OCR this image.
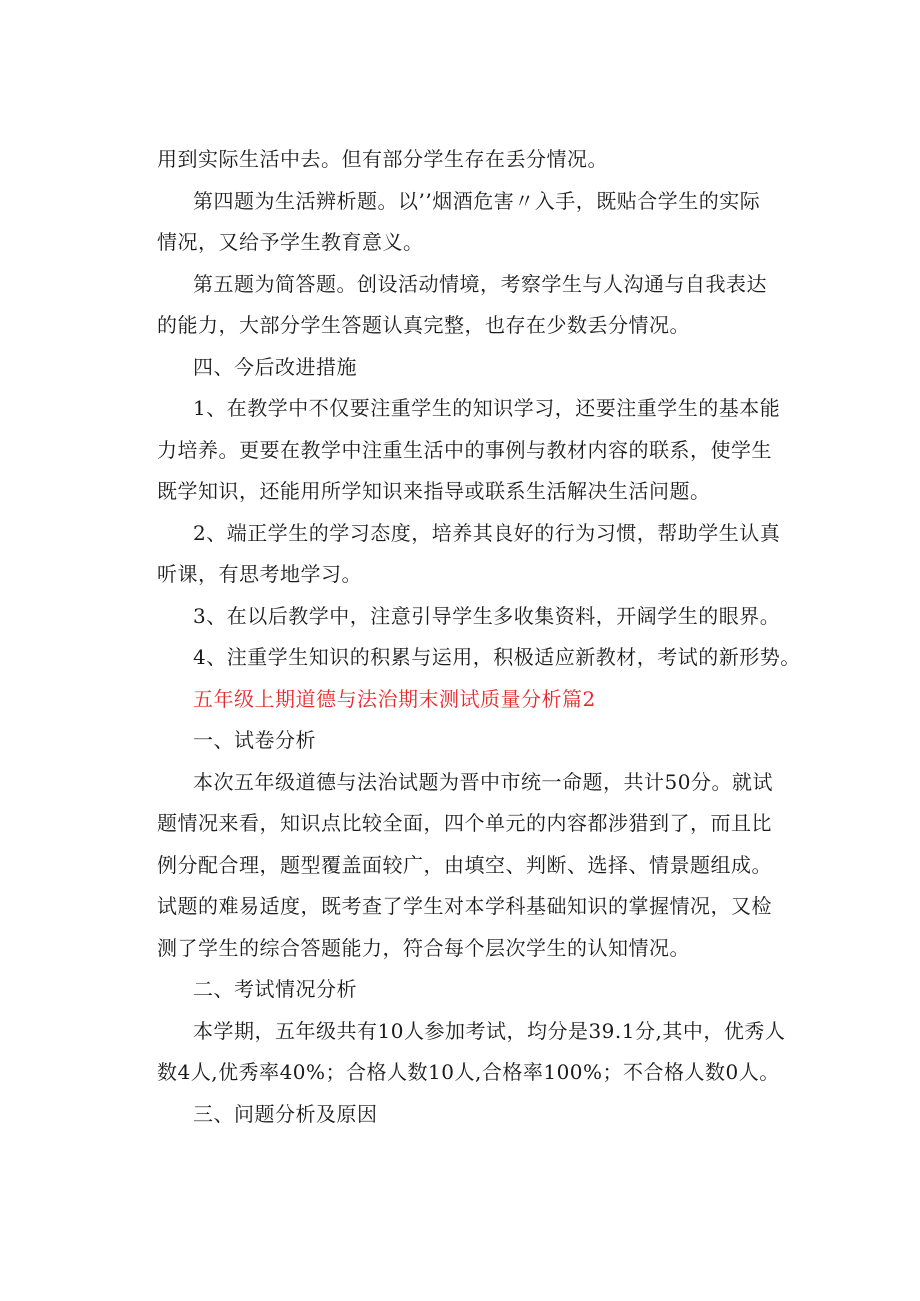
用到实际生活中去。但有部分学生存在丢分情况。
第四题为生活辨析题。以’’烟酒危害〃入手，既贴合学生的实际
情况，又给予学生教育意义。
第五题为简答题。创设活动情境，考察学生与人沟通与自我表达
的能力，大部分学生答题认真完整，也存在少数丢分情况。
四、今后改进措施
1、在教学中不仅要注重学生的知识学习，还要注重学生的基本能
力培养。更要在教学中注重生活中的事例与教材内容的联系，使学生
既学知识，还能用所学知识来指导或联系生活解决生活问题。
2、端正学生的学习态度，培养其良好的行为习惯，帮助学生认真
听课，有思考地学习。
3、在以后教学中，注意引导学生多收集资料，开阔学生的眼界。
4、注重学生知识的积累与运用，积极适应新教材，考试的新形势。
五年级上期道德与法治期末测试质量分析篇2
一、试卷分析
本次五年级道德与法治试题为晋中市统一命题，共计50分。就试
题情况来看，知识点比较全面，四个单元的内容都涉猎到了，而且比
例分配合理，题型覆盖面较广，由填空、判断、选择、情景题组成。
试题的难易适度，既考查了学生对本学科基础知识的掌握情况，又检
测了学生的综合答题能力，符合每个层次学生的认知情况。
二、考试情况分析
本学期，五年级共有10人参加考试，均分是39.1分,其中，优秀人
数4人,优秀率40%；合格人数10人,合格率100%；不合格人数0人。
三、问题分析及原因
